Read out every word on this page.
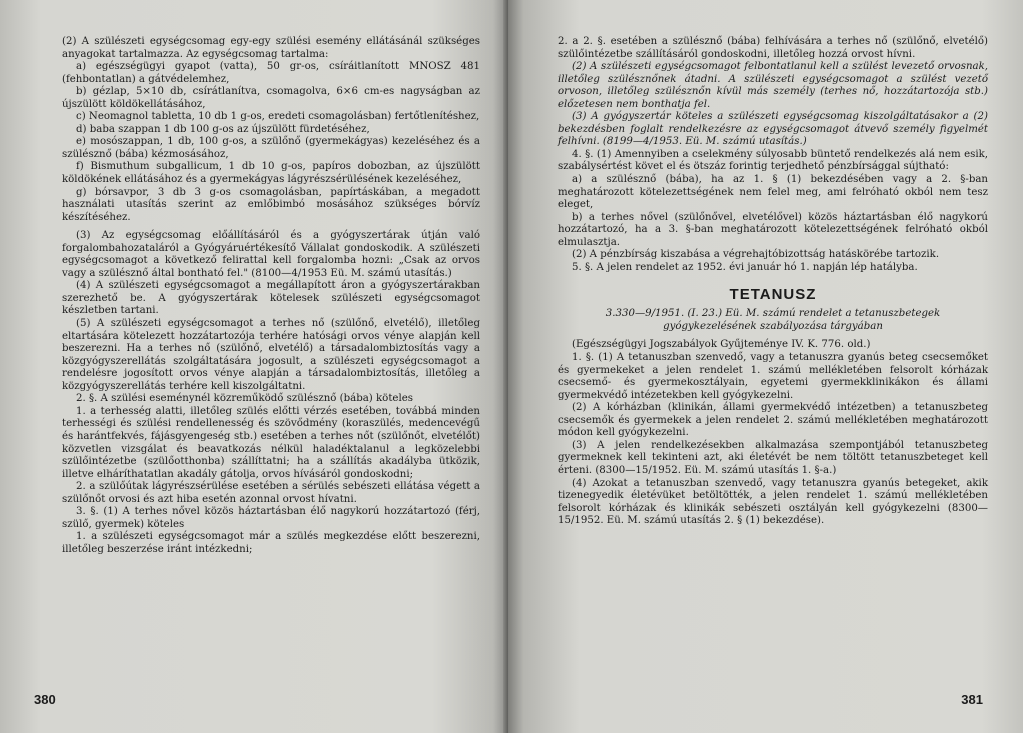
(2) A szülészeti egységcsomag egy-egy szülési esemény ellátásánál szükséges anyagokat tartalmazza. Az egységcsomag tartalma:

a) egészségügyi gyapot (vatta), 50 gr-os, csíráitlanított MNOSZ 481 (fehbontatlan) a gátvédelemhez,

b) gézlap, 5×10 db, csírátlanítva, csomagolva, 6×6 cm-es nagyságban az újszülött köldökellátásához,

c) Neomagnol tabletta, 10 db 1 g-os, eredeti csomagolásban) fertőtlenítéshez,

d) baba szappan 1 db 100 g-os az újszülött fürdetéséhez,

e) mosószappan, 1 db, 100 g-os, a szülőnő (gyermekágyas) kezeléséhez és a szülésznő (bába) kézmosásához,

f) Bismuthum subgallicum, 1 db 10 g-os, papíros dobozban, az újszülött köldökének ellátásához és a gyermekágyas lágyrészsérülésének kezeléséhez,

g) bórsavpor, 3 db 3 g-os csomagolásban, papírtáskában, a megadott használati utasítás szerint az emlőbimbó mosásához szükséges bórvíz készítéséhez.

(3) Az egységcsomag előállításáról és a gyógyszertárak útján való forgalombahozataláról a Gyógyáruértékesítő Vállalat gondoskodik. A szülészeti egységcsomagot a következő felirattal kell forgalomba hozni: „Csak az orvos vagy a szülésznő által bontható fel." (8100—4/1953 Eü. M. számú utasítás.)

(4) A szülészeti egységcsomagot a megállapított áron a gyógyszertárakban szerezhető be. A gyógyszertárak kötelesek szülészeti egységcsomagot készletben tartani.

(5) A szülészeti egységcsomagot a terhes nő (szülőnő, elvetélő), illetőleg eltartására kötelezett hozzátartozója terhére hatósági orvos vénye alapján kell beszerezni. Ha a terhes nő (szülőnő, elvetélő) a társadalombiztosítás vagy a közgyógyszerellátás szolgáltatására jogosult, a szülészeti egységcsomagot a rendelésre jogosított orvos vénye alapján a társadalombiztosítás, illetőleg a közgyógyszerellátás terhére kell kiszolgáltatni.

2. §. A szülési eseménynél közreműködő szülésznő (bába) köteles

1. a terhesség alatti, illetőleg szülés előtti vérzés esetében, továbbá minden terhességi és szülési rendellenesség és szövődmény (koraszülés, medencevégű és harántfekvés, fájásgyengeség stb.) esetében a terhes nőt (szülőnőt, elvetélőt) közvetlen vizsgálat és beavatkozás nélkül haladéktalanul a legközelebbi szülőintézetbe (szülőotthonba) szállíttatni; ha a szállítás akadályba ütközik, illetve elháríthatatlan akadály gátolja, orvos hívásáról gondoskodni;

2. a szülőútak lágyrészsérülése esetében a sérülés sebészeti ellátása végett a szülőnőt orvosi és azt hiba esetén azonnal orvost hívatni.

3. §. (1) A terhes nővel közös háztartásban élő nagykorú hozzátartozó (férj, szülő, gyermek) köteles

1. a szülészeti egységcsomagot már a szülés megkezdése előtt beszerezni, illetőleg beszerzése iránt intézkedni;

380

2. a 2. §. esetében a szülésznő (bába) felhívására a terhes nő (szülőnő, elvetélő) szülőintézetbe szállításáról gondoskodni, illetőleg hozzá orvost hívni.

(2) A szülészeti egységcsomagot felbontatlanul kell a szülést levezető orvosnak, illetőleg szülésznőnek átadni. A szülészeti egységcsomagot a szülést vezető orvoson, illetőleg szülésznőn kívül más személy (terhes nő, hozzátartozója stb.) előzetesen nem bonthatja fel.

(3) A gyógyszertár köteles a szülészeti egységcsomag kiszolgáltatásakor a (2) bekezdésben foglalt rendelkezésre az egységcsomagot átvevő személy figyelmét felhívni. (8199—4/1953. Eü. M. számú utasítás.)

4. §. (1) Amennyiben a cselekmény súlyosabb büntető rendelkezés alá nem esik, szabálysértést követ el és ötszáz forintig terjedhető pénzbírsággal sújtható:

a) a szülésznő (bába), ha az 1. § (1) bekezdésében vagy a 2. §-ban meghatározott kötelezettségének nem felel meg, ami felróható okból nem tesz eleget,

b) a terhes nővel (szülőnővel, elvetélővel) közös háztartásban élő nagykorú hozzátartozó, ha a 3. §-ban meghatározott kötelezettségének felróható okból elmulasztja.

(2) A pénzbírság kiszabása a végrehajtóbizottság hatáskörébe tartozik.

5. §. A jelen rendelet az 1952. évi január hó 1. napján lép hatályba.

TETANUSZ

3.330—9/1951. (I. 23.) Eü. M. számú rendelet a tetanuszbetegek gyógykezelésének szabályozása tárgyában

(Egészségügyi Jogszabályok Gyűjteménye IV. K. 776. old.)

1. §. (1) A tetanuszban szenvedő, vagy a tetanuszra gyanús beteg csecsemőket és gyermekeket a jelen rendelet 1. számú mellékletében felsorolt kórházak csecsemő- és gyermekosztályain, egyetemi gyermekklinikákon és állami gyermekvédő intézetekben kell gyógykezelni.

(2) A kórházban (klinikán, állami gyermekvédő intézetben) a tetanuszbeteg csecsemők és gyermekek a jelen rendelet 2. számú mellékletében meghatározott módon kell gyógykezelni.

(3) A jelen rendelkezésekben alkalmazása szempontjából tetanuszbeteg gyermeknek kell tekinteni azt, aki életévét be nem töltött tetanuszbeteget kell érteni. (8300—15/1952. Eü. M. számú utasítás 1. §-a.)

(4) Azokat a tetanuszban szenvedő, vagy tetanuszra gyanús betegeket, akik tizenegyedik életévüket betöltötték, a jelen rendelet 1. számú mellékletében felsorolt kórházak és klinikák sebészeti osztályán kell gyógykezelni (8300—15/1952. Eü. M. számú utasítás 2. § (1) bekezdése).

381
